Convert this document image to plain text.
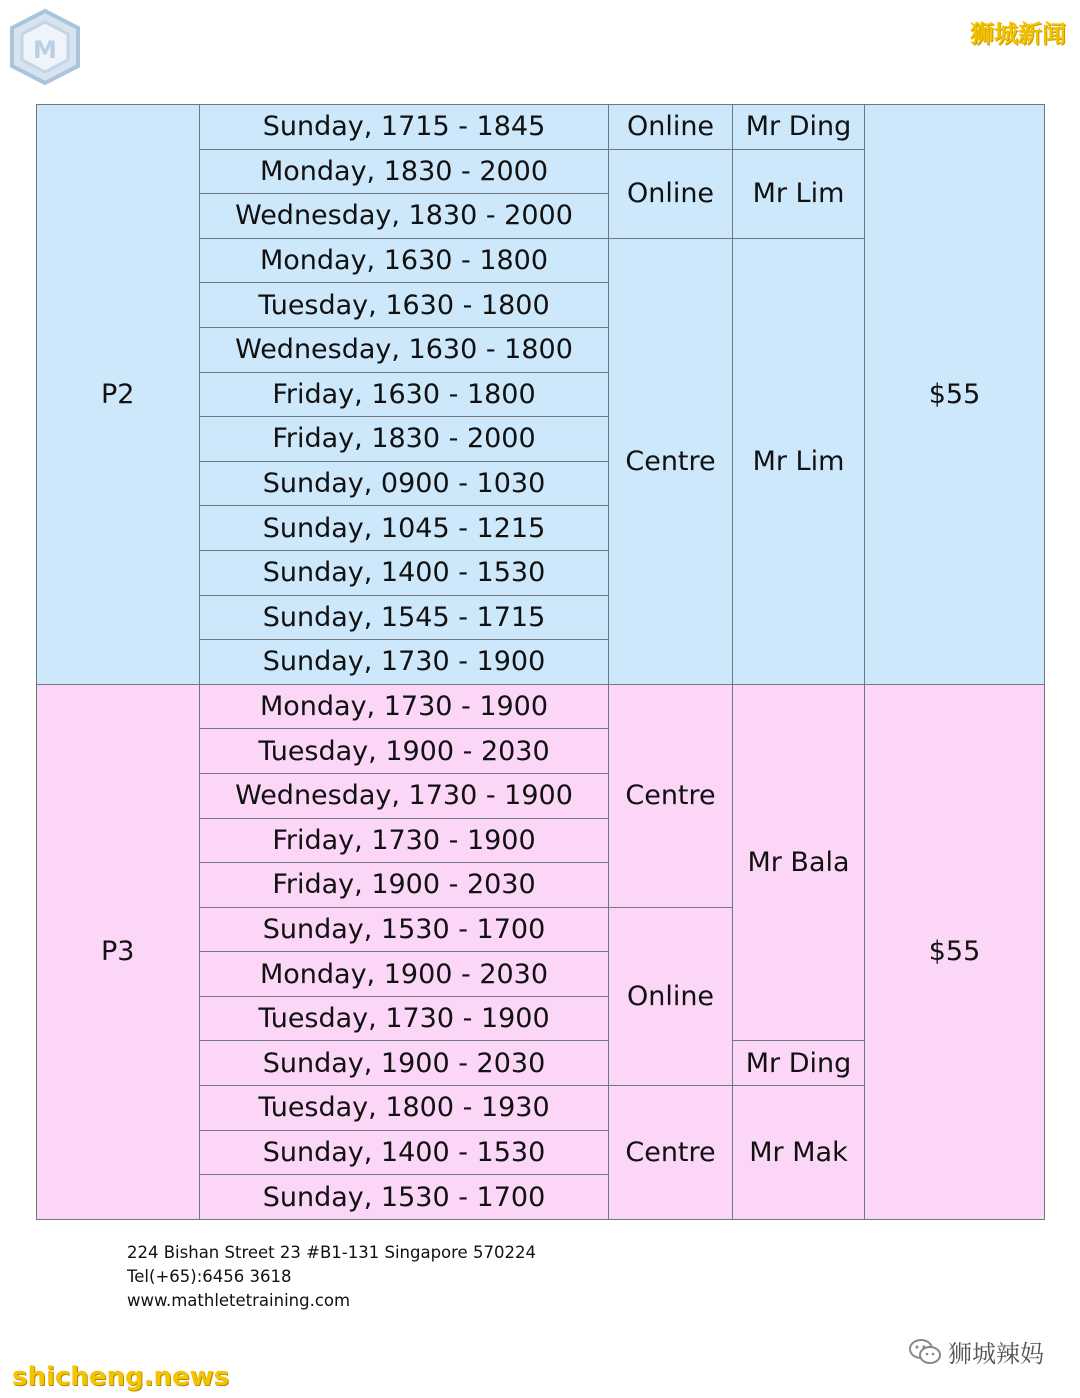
M
狮城新闻
P2	Sunday, 1715 - 1845	Online	Mr Ding	$55
	Monday, 1830 - 2000	Online	Mr Lim	
	Wednesday, 1830 - 2000			
	Monday, 1630 - 1800	Centre	Mr Lim	
	Tuesday, 1630 - 1800			
	Wednesday, 1630 - 1800			
	Friday, 1630 - 1800			
	Friday, 1830 - 2000			
	Sunday, 0900 - 1030			
	Sunday, 1045 - 1215			
	Sunday, 1400 - 1530			
	Sunday, 1545 - 1715			
	Sunday, 1730 - 1900			
P3	Monday, 1730 - 1900	Centre	Mr Bala	$55
	Tuesday, 1900 - 2030			
	Wednesday, 1730 - 1900			
	Friday, 1730 - 1900			
	Friday, 1900 - 2030			
	Sunday, 1530 - 1700	Online		
	Monday, 1900 - 2030			
	Tuesday, 1730 - 1900			
	Sunday, 1900 - 2030		Mr Ding	
	Tuesday, 1800 - 1930	Centre	Mr Mak	
	Sunday, 1400 - 1530			
	Sunday, 1530 - 1700			
224 Bishan Street 23 #B1-131 Singapore 570224
Tel(+65):6456 3618
www.mathletetraining.com
狮城辣妈
shicheng.news
